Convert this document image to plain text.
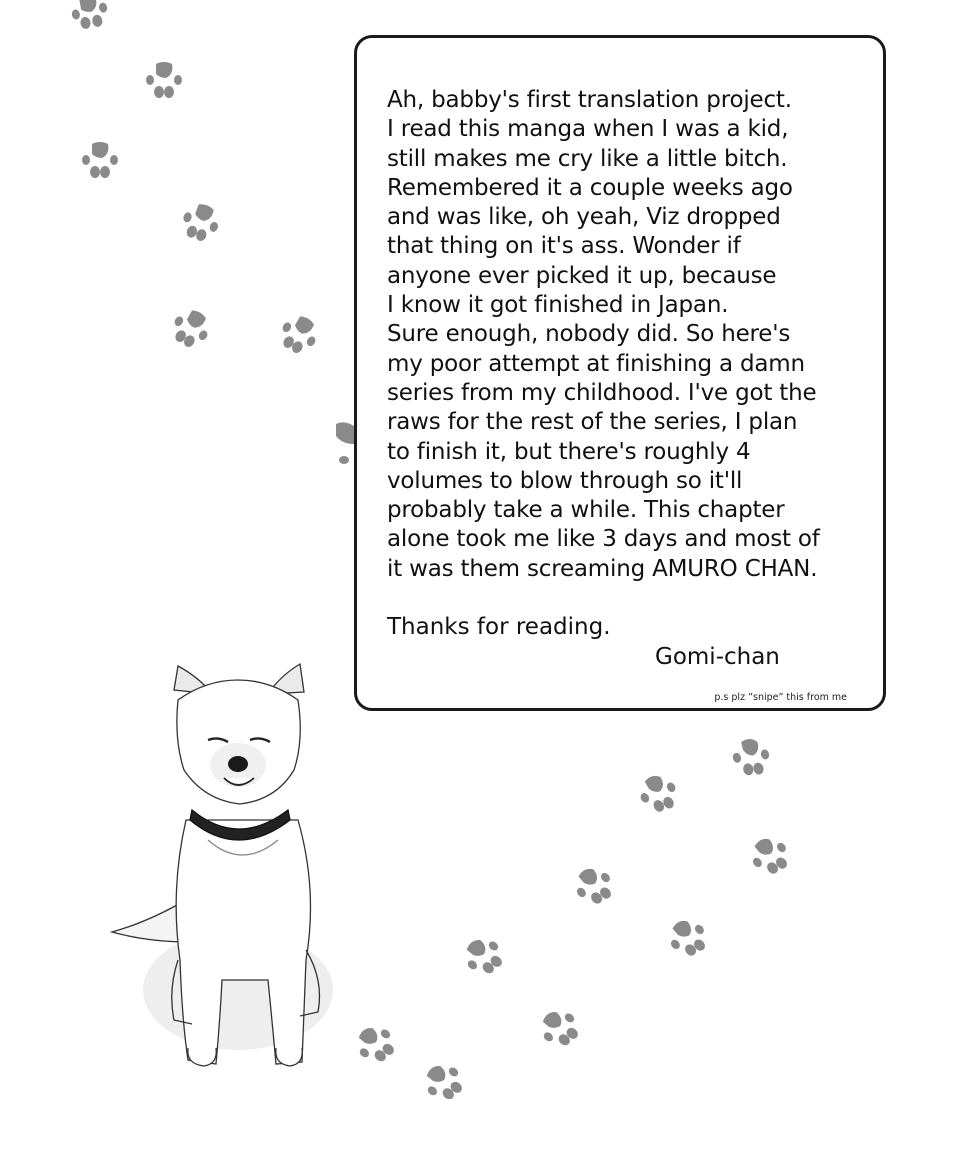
Ah, babby's first translation project.
I read this manga when I was a kid,
still makes me cry like a little bitch.
Remembered it a couple weeks ago
and was like, oh yeah, Viz dropped
that thing on it's ass. Wonder if
anyone ever picked it up, because
I know it got finished in Japan.
Sure enough, nobody did. So here's
my poor attempt at finishing a damn
series from my childhood. I've got the
raws for the rest of the series, I plan
to finish it, but there's roughly 4
volumes to blow through so it'll
probably take a while. This chapter
alone took me like 3 days and most of
it was them screaming AMURO CHAN.
Thanks for reading.
Gomi-chan
p.s plz ”snipe” this from me
